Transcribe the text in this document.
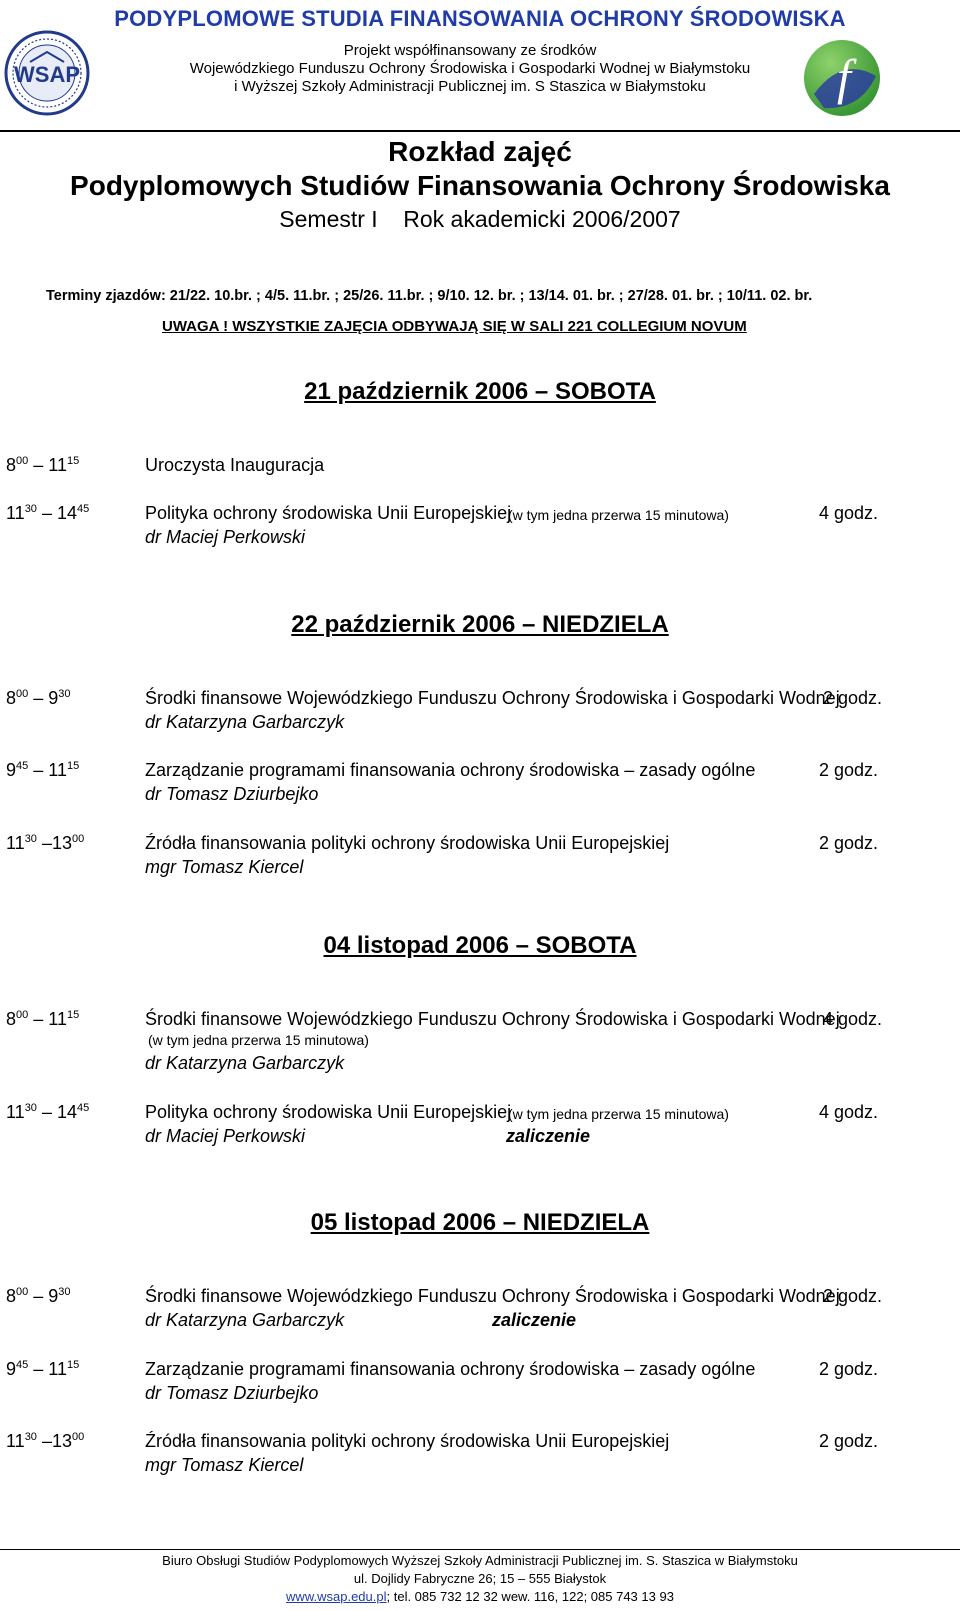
PODYPLOMOWE STUDIA FINANSOWANIA OCHRONY ŚRODOWISKA
WSAP
Projekt współfinansowany ze środków
Wojewódzkiego Funduszu Ochrony Środowiska i Gospodarki Wodnej w Białymstoku
i Wyższej Szkoły Administracji Publicznej im. S Staszica w Białymstoku	f
Rozkład zajęć
Podyplomowych Studiów Finansowania Ochrony Środowiska
Semestr I    Rok akademicki 2006/2007
Terminy zjazdów: 21/22. 10.br. ; 4/5. 11.br. ; 25/26. 11.br. ; 9/10. 12. br. ; 13/14. 01. br. ; 27/28. 01. br. ; 10/11. 02. br.
UWAGA ! WSZYSTKIE ZAJĘCIA ODBYWAJĄ SIĘ W SALI 221 COLLEGIUM NOVUM
21 październik 2006 – SOBOTA
$8^{00} - 11^{15}$	Uroczysta Inauguracja
$11^{30} - 14^{45}$	Polityka ochrony środowiska Unii Europejskiej
(w tym jedna przerwa 15 minutowa)	4 godz.
dr Maciej Perkowski
22 październik 2006 – NIEDZIELA
$8^{00} - 9^{30}$	Środki finansowe Wojewódzkiego Funduszu Ochrony Środowiska i Gospodarki Wodnej
2 godz.
dr Katarzyna Garbarczyk
$9^{45} - 11^{15}$	Zarządzanie programami finansowania ochrony środowiska – zasady ogólne	2 godz.
dr Tomasz Dziurbejko
$11^{30}$ $-13^{00}$	Źródła finansowania polityki ochrony środowiska Unii Europejskiej	2 godz.
mgr Tomasz Kiercel
04 listopad 2006 – SOBOTA
$8^{00} - 11^{15}$	Środki finansowe Wojewódzkiego Funduszu Ochrony Środowiska i Gospodarki Wodnej
4 godz.
(w tym jedna przerwa 15 minutowa)
dr Katarzyna Garbarczyk
$11^{30} - 14^{45}$	Polityka ochrony środowiska Unii Europejskiej
(w tym jedna przerwa 15 minutowa)	4 godz.
dr Maciej Perkowski	zaliczenie
05 listopad 2006 – NIEDZIELA
$8^{00} - 9^{30}$	Środki finansowe Wojewódzkiego Funduszu Ochrony Środowiska i Gospodarki Wodnej
2 godz.
dr Katarzyna Garbarczyk	zaliczenie
$9^{45} - 11^{15}$	Zarządzanie programami finansowania ochrony środowiska – zasady ogólne	2 godz.
dr Tomasz Dziurbejko
$11^{30}$ $-13^{00}$	Źródła finansowania polityki ochrony środowiska Unii Europejskiej	2 godz.
mgr Tomasz Kiercel
Biuro Obsługi Studiów Podyplomowych Wyższej Szkoły Administracji Publicznej im. S. Staszica w Białymstoku
ul. Dojlidy Fabryczne 26; 15 – 555 Białystok
www.wsap.edu.pl; tel. 085 732 12 32 wew. 116, 122; 085 743 13 93
